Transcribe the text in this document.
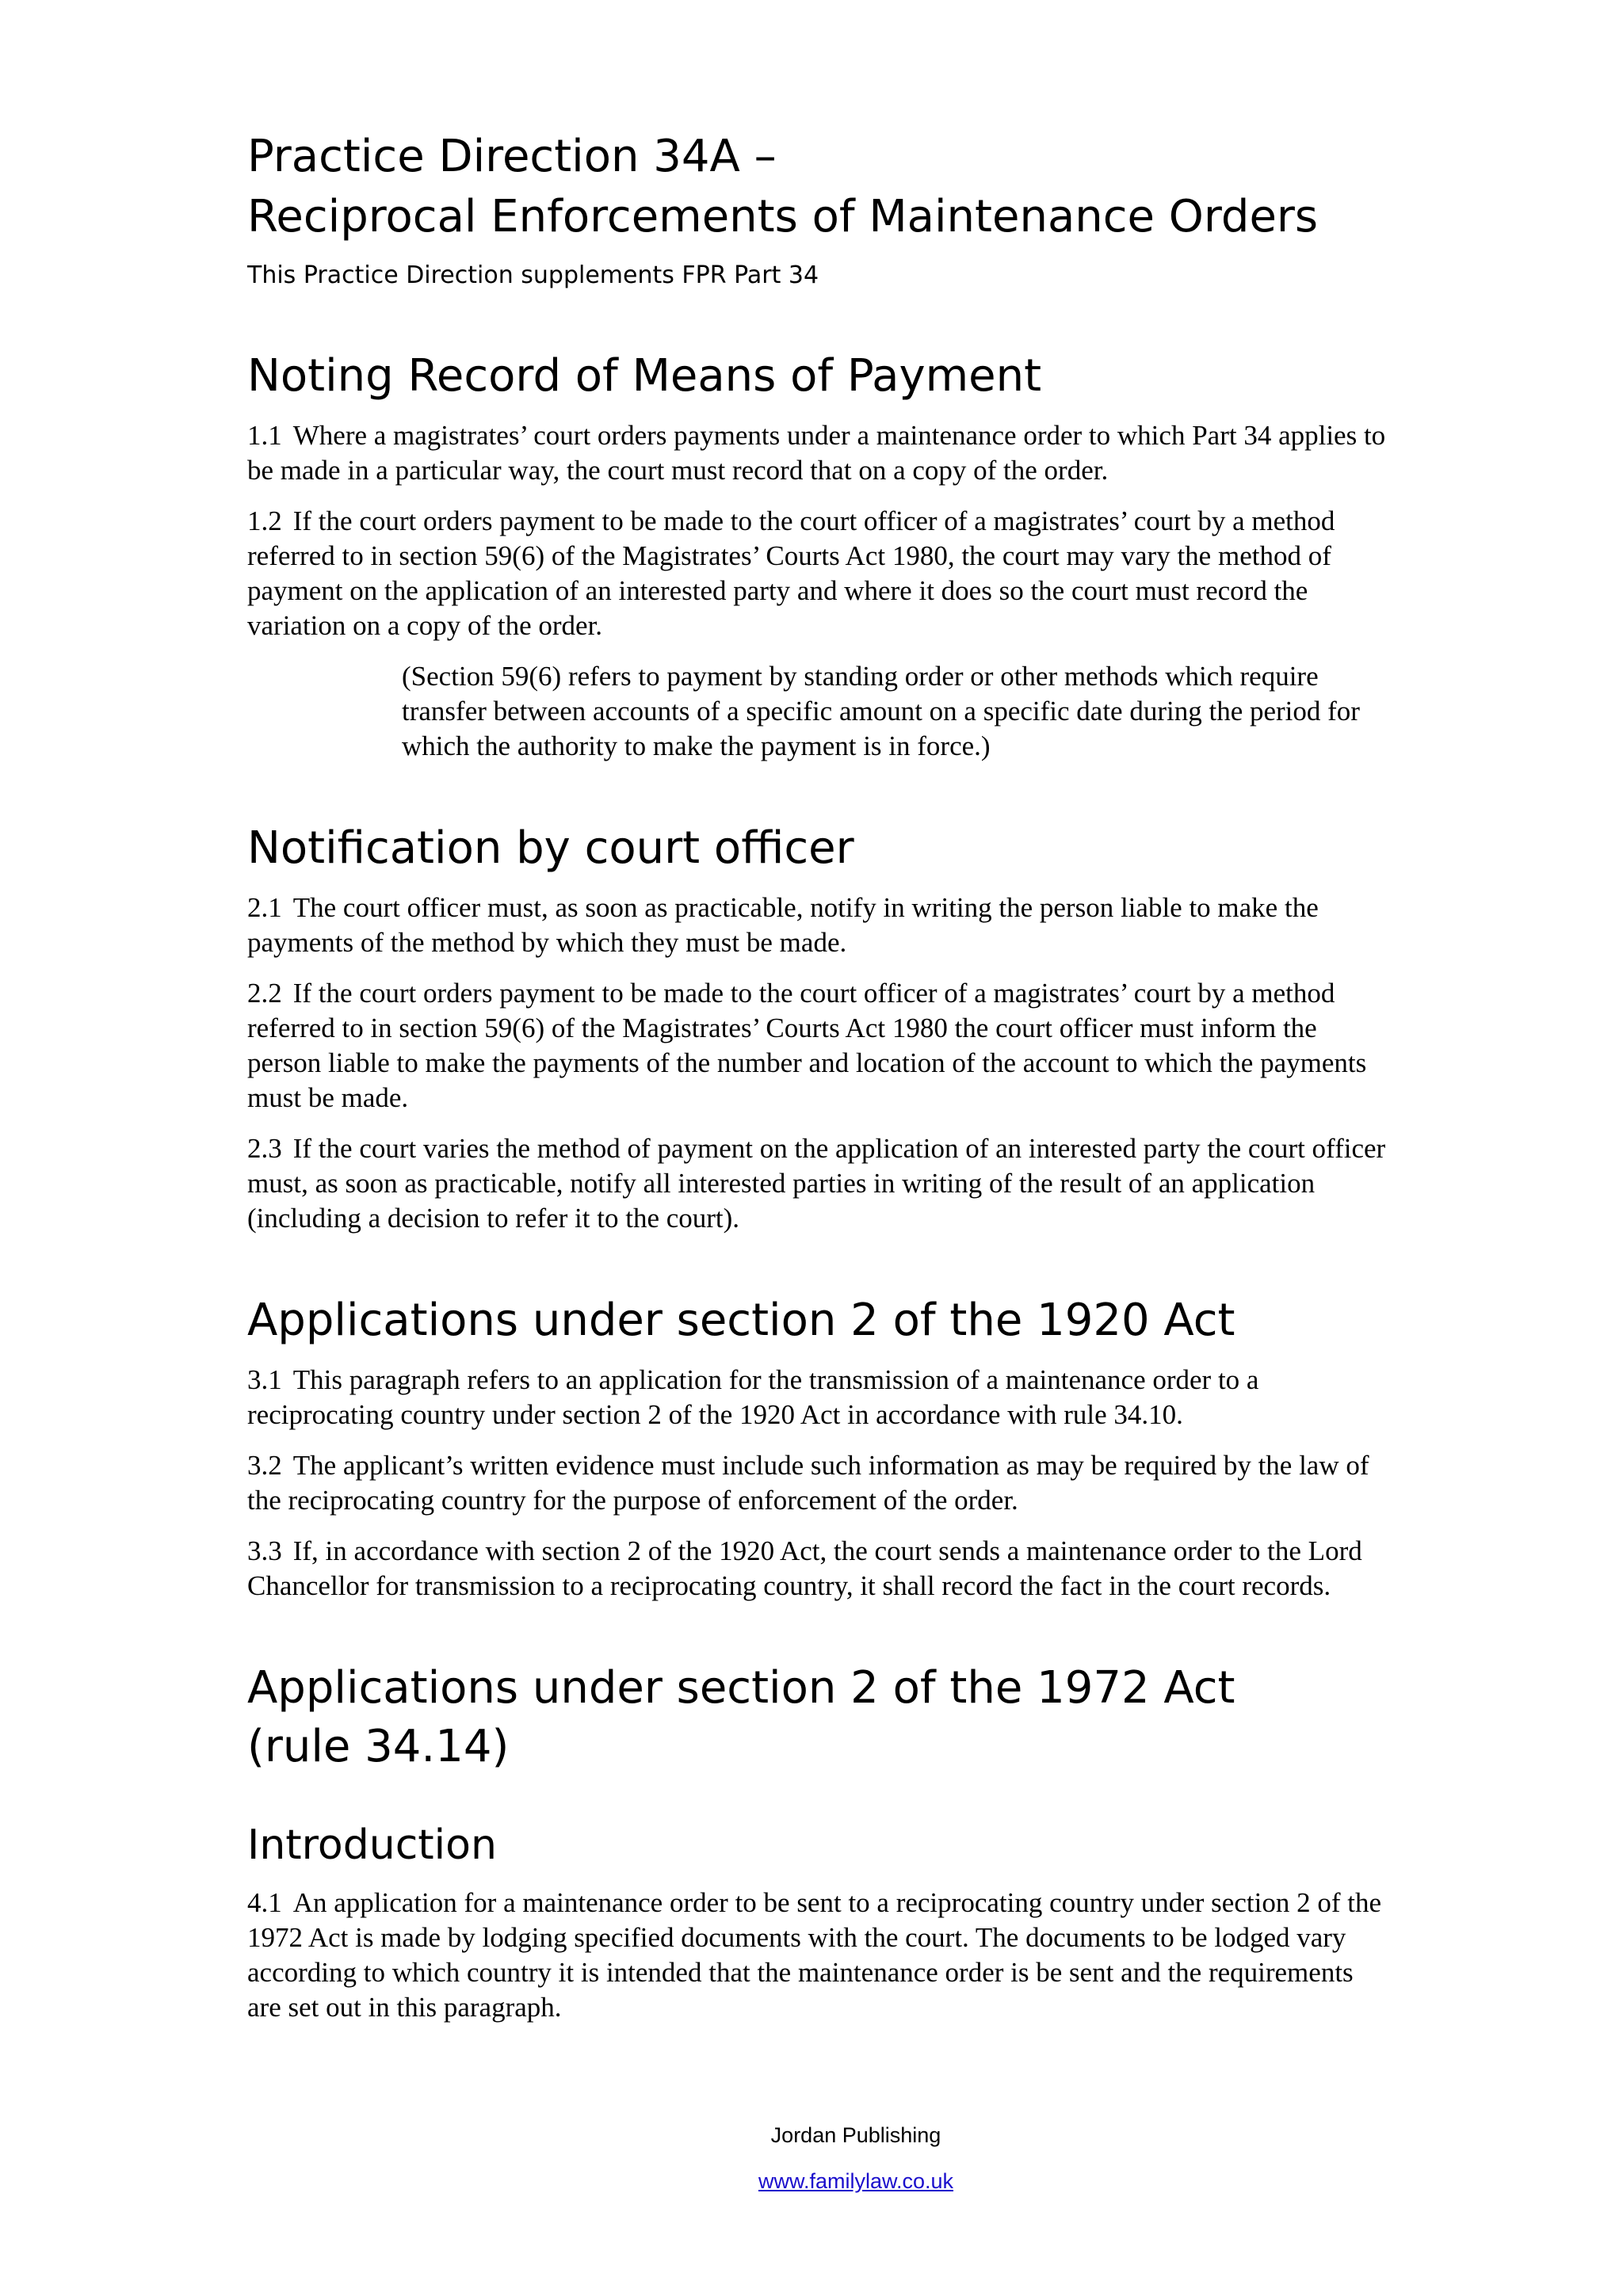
Practice Direction 34A –
Reciprocal Enforcements of Maintenance Orders
This Practice Direction supplements FPR Part 34
Noting Record of Means of Payment

1.1 Where a magistrates’ court orders payments under a maintenance order to which Part 34 applies to be made in a particular way, the court must record that on a copy of the order.

1.2 If the court orders payment to be made to the court officer of a magistrates’ court by a method referred to in section 59(6) of the Magistrates’ Courts Act 1980, the court may vary the method of payment on the application of an interested party and where it does so the court must record the variation on a copy of the order.

(Section 59(6) refers to payment by standing order or other methods which require transfer between accounts of a specific amount on a specific date during the period for which the authority to make the payment is in force.)

Notification by court officer

2.1 The court officer must, as soon as practicable, notify in writing the person liable to make the payments of the method by which they must be made.

2.2 If the court orders payment to be made to the court officer of a magistrates’ court by a method referred to in section 59(6) of the Magistrates’ Courts Act 1980 the court officer must inform the person liable to make the payments of the number and location of the account to which the payments must be made.

2.3 If the court varies the method of payment on the application of an interested party the court officer must, as soon as practicable, notify all interested parties in writing of the result of an application (including a decision to refer it to the court).

Applications under section 2 of the 1920 Act

3.1 This paragraph refers to an application for the transmission of a maintenance order to a reciprocating country under section 2 of the 1920 Act in accordance with rule 34.10.

3.2 The applicant’s written evidence must include such information as may be required by the law of the reciprocating country for the purpose of enforcement of the order.

3.3 If, in accordance with section 2 of the 1920 Act, the court sends a maintenance order to the Lord Chancellor for transmission to a reciprocating country, it shall record the fact in the court records.

Applications under section 2 of the 1972 Act
(rule 34.14)
Introduction

4.1 An application for a maintenance order to be sent to a reciprocating country under section 2 of the 1972 Act is made by lodging specified documents with the court. The documents to be lodged vary according to which country it is intended that the maintenance order is be sent and the requirements are set out in this paragraph.

Jordan Publishing
www.familylaw.co.uk
